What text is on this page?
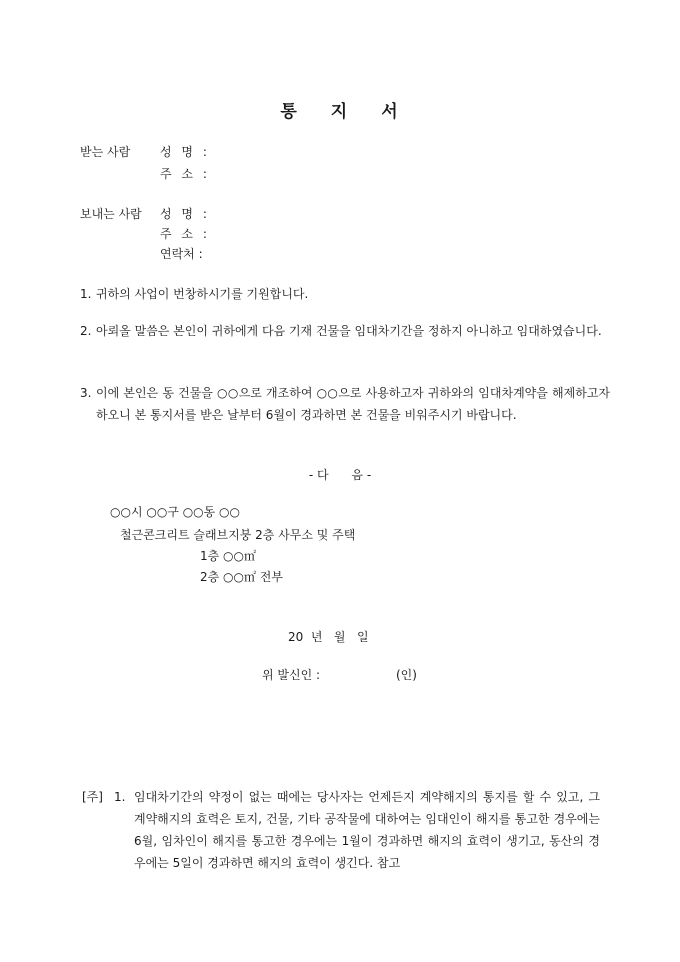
통 지 서
받는 사람 성 명 :
주 소 :
보내는 사람 성 명 :
주 소 :
연락처 :
1. 귀하의 사업이 번창하시기를 기원합니다.
2. 아뢰올 말씀은 본인이 귀하에게 다음 기재 건물을 임대차기간을 정하지 아니하고 임대하였습니다.
3. 이에 본인은 동 건물을 ○○으로 개조하여 ○○으로 사용하고자 귀하와의 임대차계약을 해제하고자 하오니 본 통지서를 받은 날부터 6월이 경과하면 본 건물을 비워주시기 바랍니다.
- 다      음 -
○○시 ○○구 ○○동 ○○
철근콘크리트 슬래브지붕 2층 사무소 및 주택
1층 ○○㎡
2층 ○○㎡ 전부
20  년   월   일
위 발신인 :	(인)
[주] 1. 임대차기간의 약정이 없는 때에는 당사자는 언제든지 계약해지의 통지를 할 수 있고, 그 계약해지의 효력은 토지, 건물, 기타 공작물에 대하여는 임대인이 해지를 통고한 경우에는 6월, 임차인이 해지를 통고한 경우에는 1월이 경과하면 해지의 효력이 생기고, 동산의 경우에는 5일이 경과하면 해지의 효력이 생긴다. 참고
